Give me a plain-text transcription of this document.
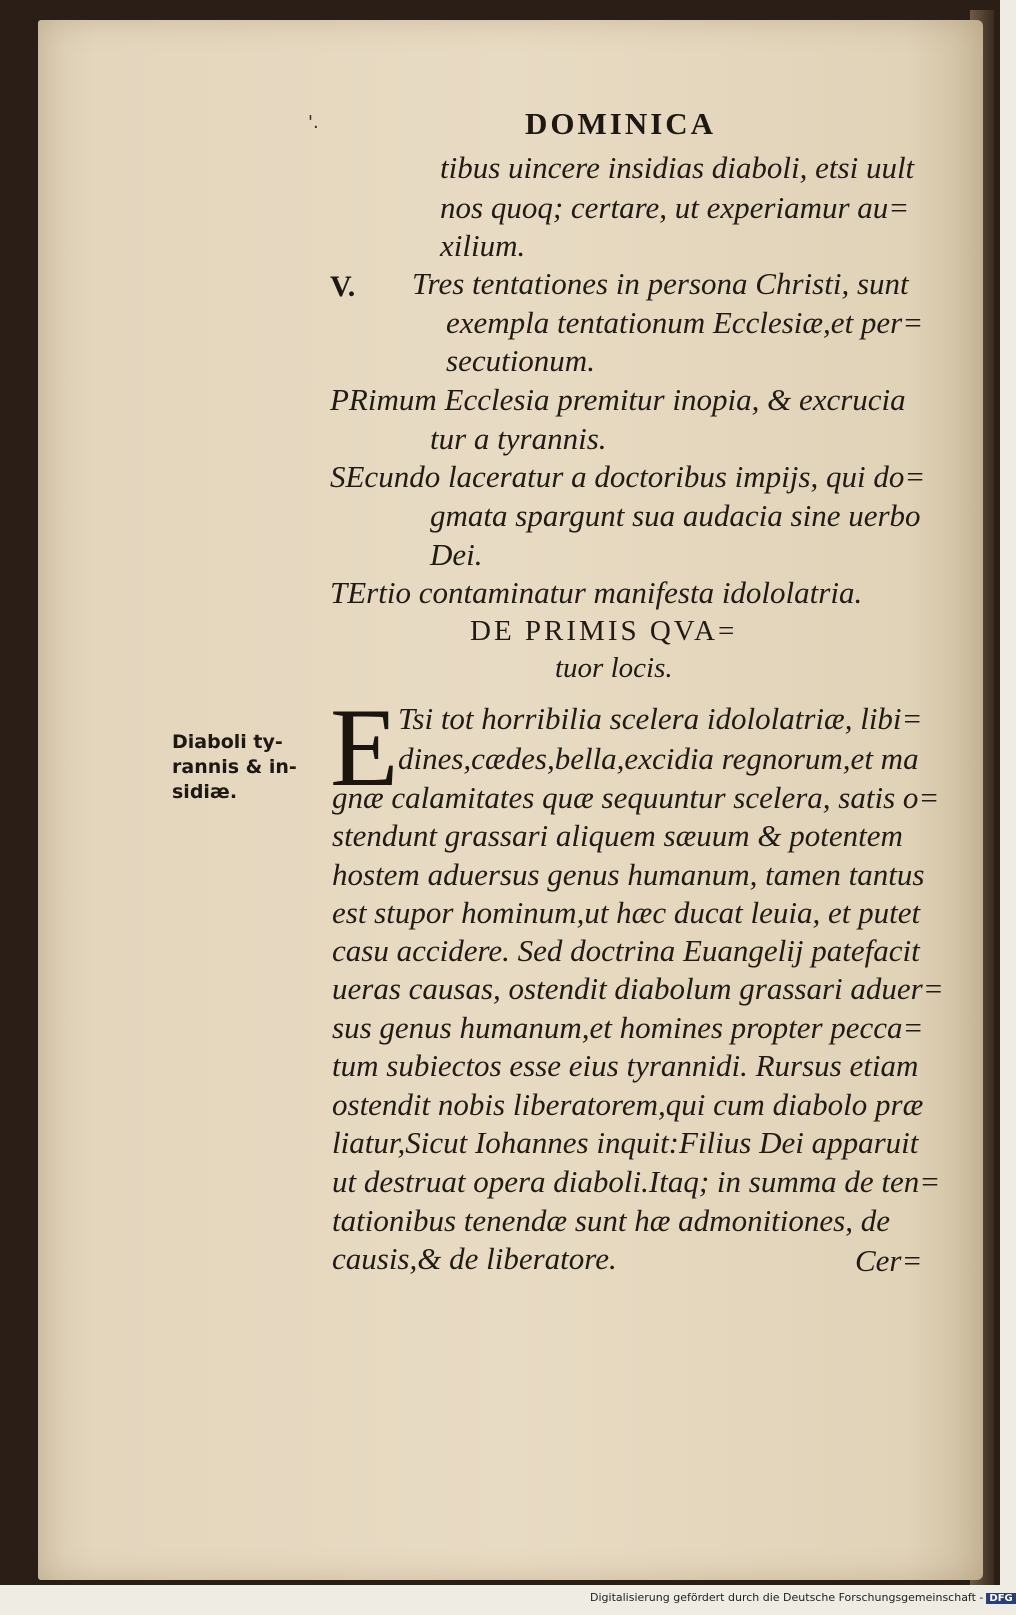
'.	DOMINICA
tibus uincere insidias diaboli, etsi uult
nos quoq; certare, ut experiamur au=
xilium.
V. Tres tentationes in persona Christi, sunt
exempla tentationum Ecclesiæ,et per=
secutionum.
PRimum Ecclesia premitur inopia, & excrucia
tur a tyrannis.
SEcundo laceratur a doctoribus impijs, qui do=
gmata spargunt sua audacia sine uerbo
Dei.
TErtio contaminatur manifesta idololatria.
DE PRIMIS QVA=
tuor locis.
E
Diaboli ty-
rannis & in-
sidiæ.
Tsi tot horribilia scelera idololatriæ, libi=
dines,cædes,bella,excidia regnorum,et ma
gnæ calamitates quæ sequuntur scelera, satis o=
stendunt grassari aliquem sæuum & potentem
hostem aduersus genus humanum, tamen tantus
est stupor hominum,ut hæc ducat leuia, et putet
casu accidere. Sed doctrina Euangelij patefacit
ueras causas, ostendit diabolum grassari aduer=
sus genus humanum,et homines propter pecca=
tum subiectos esse eius tyrannidi. Rursus etiam
ostendit nobis liberatorem,qui cum diabolo præ
liatur,Sicut Iohannes inquit:Filius Dei apparuit
ut destruat opera diaboli.Itaq; in summa de ten=
tationibus tenendæ sunt hæ admonitiones, de
causis,& de liberatore.	Cer=
Digitalisierung gefördert durch die Deutsche Forschungsgemeinschaft - DFG
